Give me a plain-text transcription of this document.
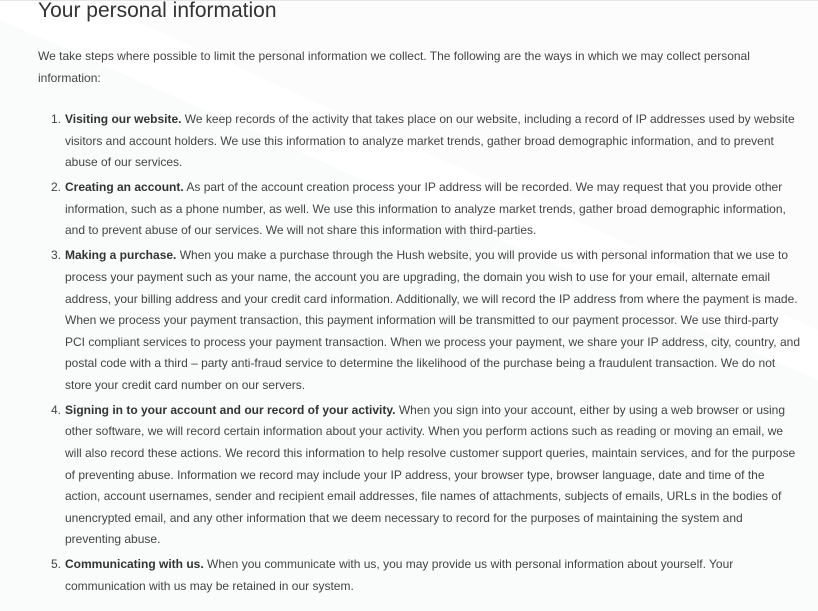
Your personal information

We take steps where possible to limit the personal information we collect. The following are the ways in which we may collect personal information:

1. Visiting our website. We keep records of the activity that takes place on our website, including a record of IP addresses used by website visitors and account holders. We use this information to analyze market trends, gather broad demographic information, and to prevent abuse of our services.
2. Creating an account. As part of the account creation process your IP address will be recorded. We may request that you provide other information, such as a phone number, as well. We use this information to analyze market trends, gather broad demographic information, and to prevent abuse of our services. We will not share this information with third-parties.
3. Making a purchase. When you make a purchase through the Hush website, you will provide us with personal information that we use to process your payment such as your name, the account you are upgrading, the domain you wish to use for your email, alternate email address, your billing address and your credit card information. Additionally, we will record the IP address from where the payment is made. When we process your payment transaction, this payment information will be transmitted to our payment processor. We use third-party PCI compliant services to process your payment transaction. When we process your payment, we share your IP address, city, country, and postal code with a third – party anti-fraud service to determine the likelihood of the purchase being a fraudulent transaction. We do not store your credit card number on our servers.
4. Signing in to your account and our record of your activity. When you sign into your account, either by using a web browser or using other software, we will record certain information about your activity. When you perform actions such as reading or moving an email, we will also record these actions. We record this information to help resolve customer support queries, maintain services, and for the purpose of preventing abuse. Information we record may include your IP address, your browser type, browser language, date and time of the action, account usernames, sender and recipient email addresses, file names of attachments, subjects of emails, URLs in the bodies of unencrypted email, and any other information that we deem necessary to record for the purposes of maintaining the system and preventing abuse.
5. Communicating with us. When you communicate with us, you may provide us with personal information about yourself. Your communication with us may be retained in our system.
